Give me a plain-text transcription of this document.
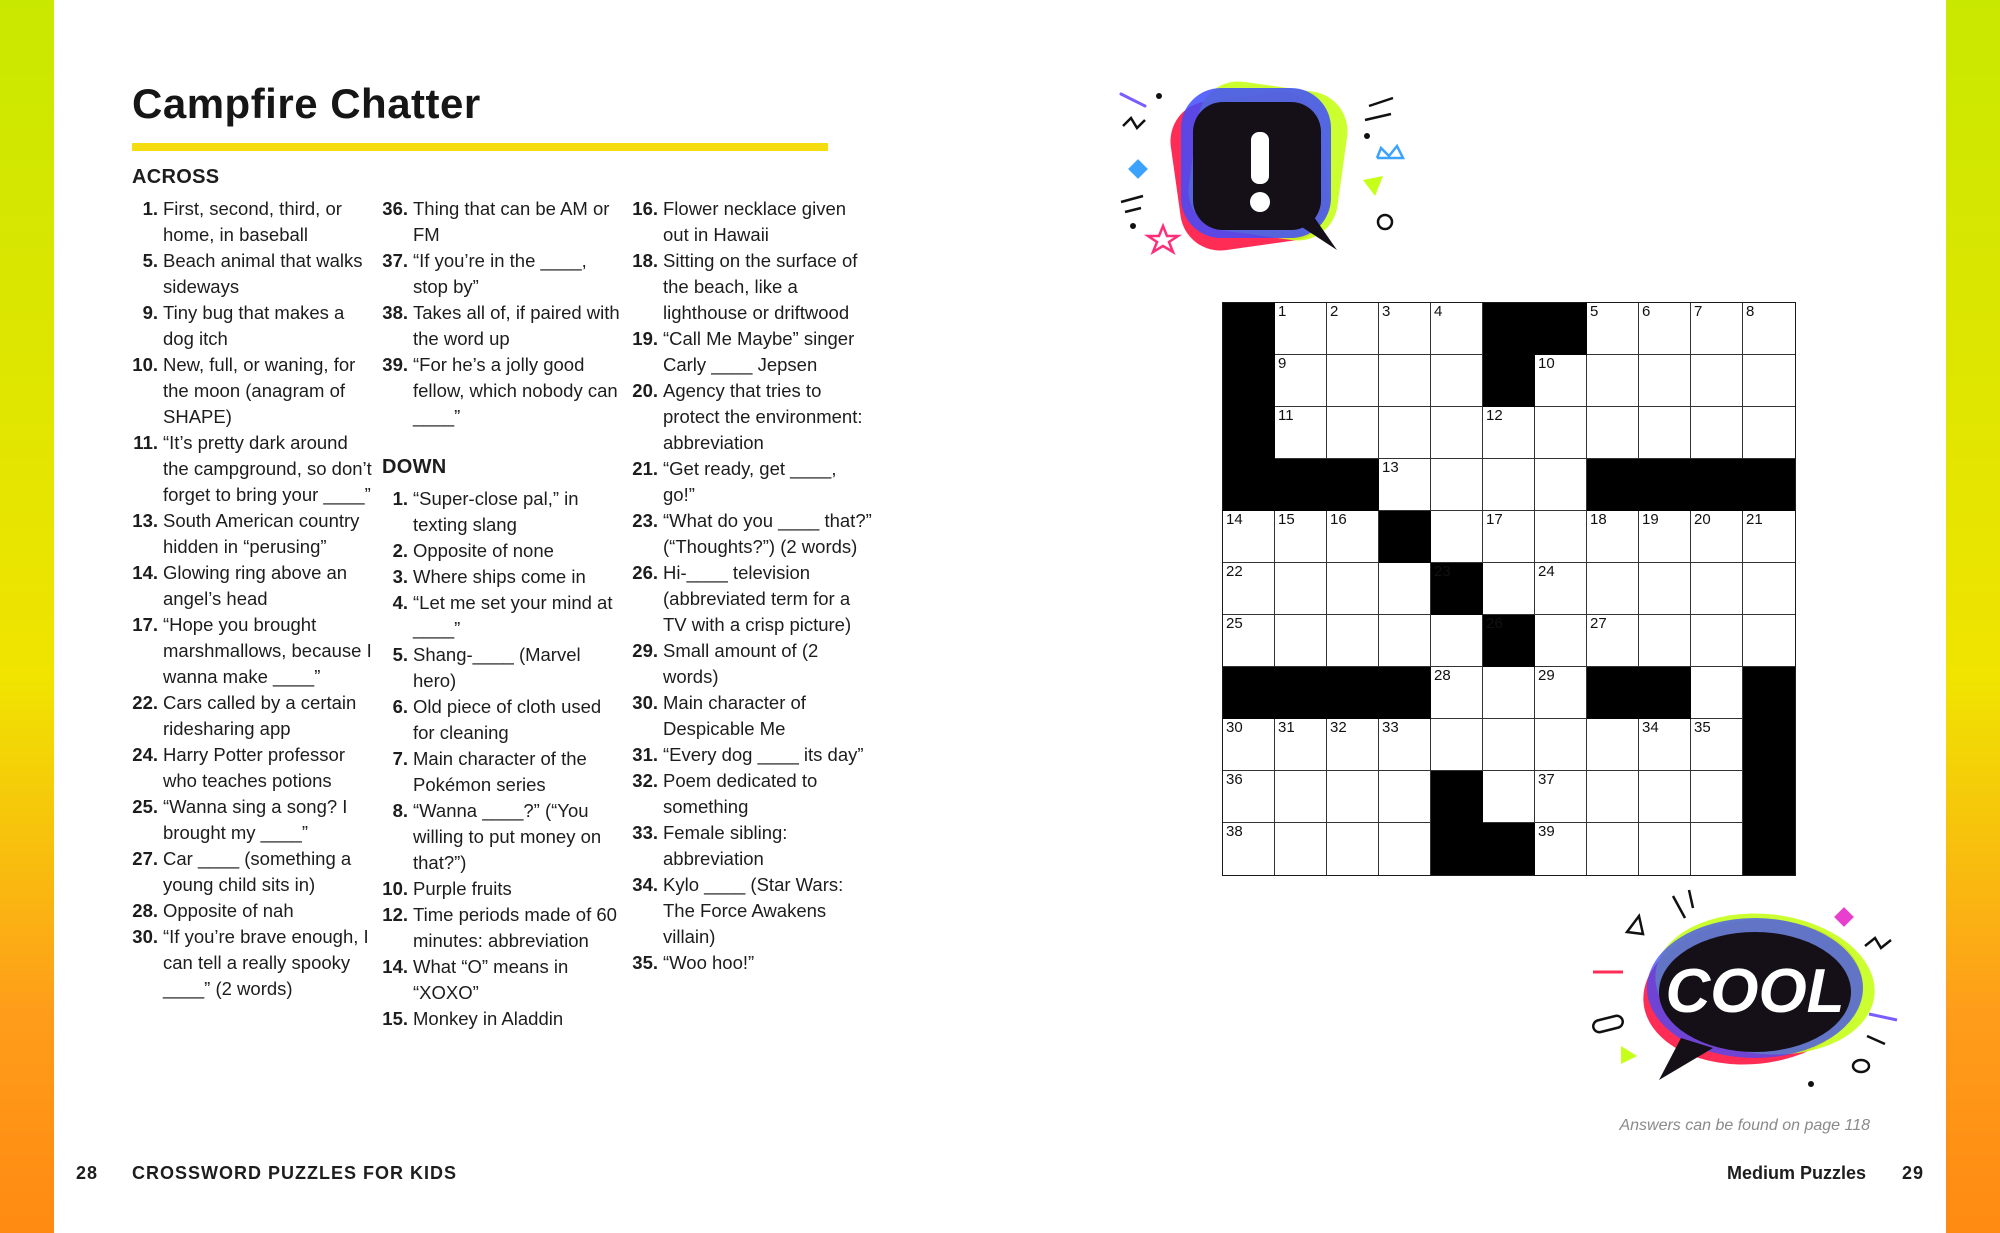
Campfire Chatter
ACROSS

1. First, second, third, or home, in baseball

5. Beach animal that walks sideways

9. Tiny bug that makes a dog itch

10. New, full, or waning, for the moon (anagram of SHAPE)

11. “It’s pretty dark around the campground, so don’t forget to bring your ____”

13. South American country hidden in “perusing”

14. Glowing ring above an angel’s head

17. “Hope you brought marshmallows, because I wanna make ____”

22. Cars called by a certain ridesharing app

24. Harry Potter professor who teaches potions

25. “Wanna sing a song? I brought my ____”

27. Car ____ (something a young child sits in)

28. Opposite of nah

30. “If you’re brave enough, I can tell a really spooky ____” (2 words)

36. Thing that can be AM or FM

37. “If you’re in the ____, stop by”

38. Takes all of, if paired with the word up

39. “For he’s a jolly good fellow, which nobody can ____”

DOWN

1. “Super-close pal,” in texting slang

2. Opposite of none

3. Where ships come in

4. “Let me set your mind at ____”

5. Shang-____ (Marvel hero)

6. Old piece of cloth used for cleaning

7. Main character of the Pokémon series

8. “Wanna ____?” (“You willing to put money on that?”)

10. Purple fruits

12. Time periods made of 60 minutes: abbreviation

14. What “O” means in “XOXO”

15. Monkey in Aladdin

16. Flower necklace given out in Hawaii

18. Sitting on the surface of the beach, like a lighthouse or driftwood

19. “Call Me Maybe” singer Carly ____ Jepsen

20. Agency that tries to protect the environment: abbreviation

21. “Get ready, get ____, go!”

23. “What do you ____ that?” (“Thoughts?”) (2 words)

26. Hi-____ television (abbreviated term for a TV with a crisp picture)

29. Small amount of (2 words)

30. Main character of Despicable Me

31. “Every dog ____ its day”

32. Poem dedicated to something

33. Female sibling: abbreviation

34. Kylo ____ (Star Wars: The Force Awakens villain)

35. “Woo hoo!”

1	2	3	4	5	6	7	8
9	10
11	12
13
14 15 16	17	18 19 20 21
22	23	24
25	26	27
28	29
30 31 32 33	34 35
36	37
38	39
COOL
Answers can be found on page 118
28 CROSSWORD PUZZLES FOR KIDS	Medium Puzzles 29
